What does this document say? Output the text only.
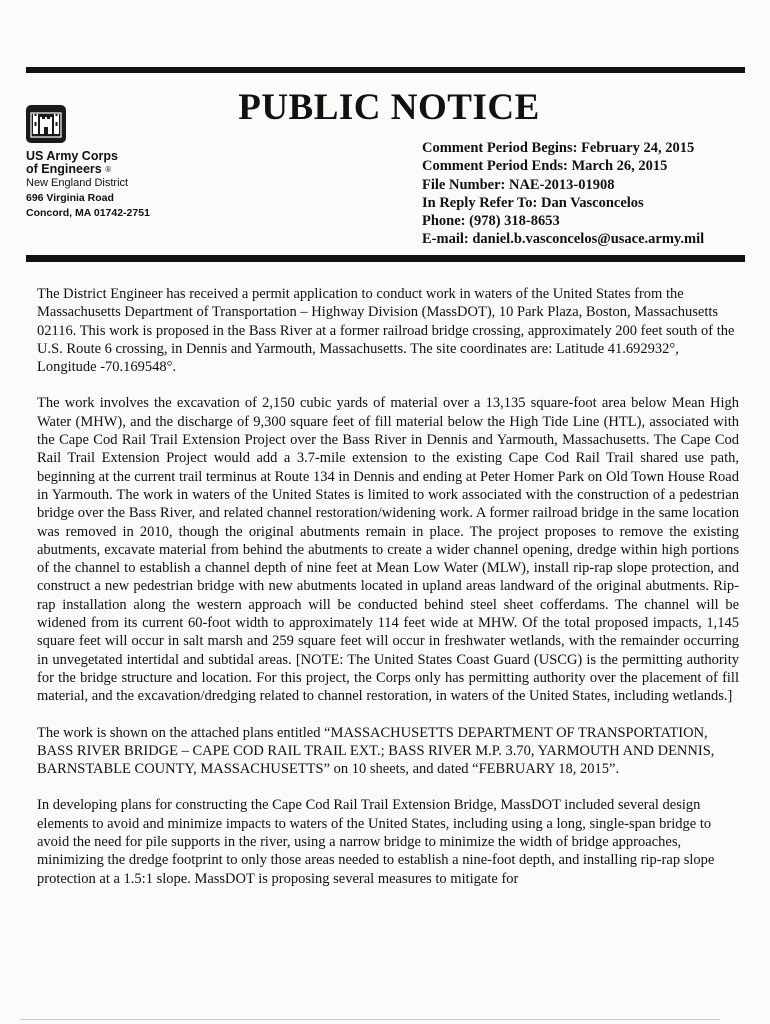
US Army Corps
of Engineers ®
New England District
696 Virginia Road
Concord, MA 01742-2751
PUBLIC NOTICE
Comment Period Begins: February 24, 2015
Comment Period Ends: March 26, 2015
File Number: NAE-2013-01908
In Reply Refer To: Dan Vasconcelos
Phone: (978) 318-8653
E-mail: daniel.b.vasconcelos@usace.army.mil

The District Engineer has received a permit application to conduct work in waters of the United States from the Massachusetts Department of Transportation – Highway Division (MassDOT), 10 Park Plaza, Boston, Massachusetts 02116. This work is proposed in the Bass River at a former railroad bridge crossing, approximately 200 feet south of the U.S. Route 6 crossing, in Dennis and Yarmouth, Massachusetts. The site coordinates are: Latitude 41.692932°, Longitude -70.169548°.

The work involves the excavation of 2,150 cubic yards of material over a 13,135 square-foot area below Mean High Water (MHW), and the discharge of 9,300 square feet of fill material below the High Tide Line (HTL), associated with the Cape Cod Rail Trail Extension Project over the Bass River in Dennis and Yarmouth, Massachusetts. The Cape Cod Rail Trail Extension Project would add a 3.7-mile extension to the existing Cape Cod Rail Trail shared use path, beginning at the current trail terminus at Route 134 in Dennis and ending at Peter Homer Park on Old Town House Road in Yarmouth. The work in waters of the United States is limited to work associated with the construction of a pedestrian bridge over the Bass River, and related channel restoration/widening work. A former railroad bridge in the same location was removed in 2010, though the original abutments remain in place. The project proposes to remove the existing abutments, excavate material from behind the abutments to create a wider channel opening, dredge within high portions of the channel to establish a channel depth of nine feet at Mean Low Water (MLW), install rip-rap slope protection, and construct a new pedestrian bridge with new abutments located in upland areas landward of the original abutments. Rip-rap installation along the western approach will be conducted behind steel sheet cofferdams. The channel will be widened from its current 60-foot width to approximately 114 feet wide at MHW. Of the total proposed impacts, 1,145 square feet will occur in salt marsh and 259 square feet will occur in freshwater wetlands, with the remainder occurring in unvegetated intertidal and subtidal areas. [NOTE: The United States Coast Guard (USCG) is the permitting authority for the bridge structure and location. For this project, the Corps only has permitting authority over the placement of fill material, and the excavation/dredging related to channel restoration, in waters of the United States, including wetlands.]

The work is shown on the attached plans entitled “MASSACHUSETTS DEPARTMENT OF TRANSPORTATION, BASS RIVER BRIDGE – CAPE COD RAIL TRAIL EXT.; BASS RIVER M.P. 3.70, YARMOUTH AND DENNIS, BARNSTABLE COUNTY, MASSACHUSETTS” on 10 sheets, and dated “FEBRUARY 18, 2015”.

In developing plans for constructing the Cape Cod Rail Trail Extension Bridge, MassDOT included several design elements to avoid and minimize impacts to waters of the United States, including using a long, single-span bridge to avoid the need for pile supports in the river, using a narrow bridge to minimize the width of bridge approaches, minimizing the dredge footprint to only those areas needed to establish a nine-foot depth, and installing rip-rap slope protection at a 1.5:1 slope. MassDOT is proposing several measures to mitigate for
